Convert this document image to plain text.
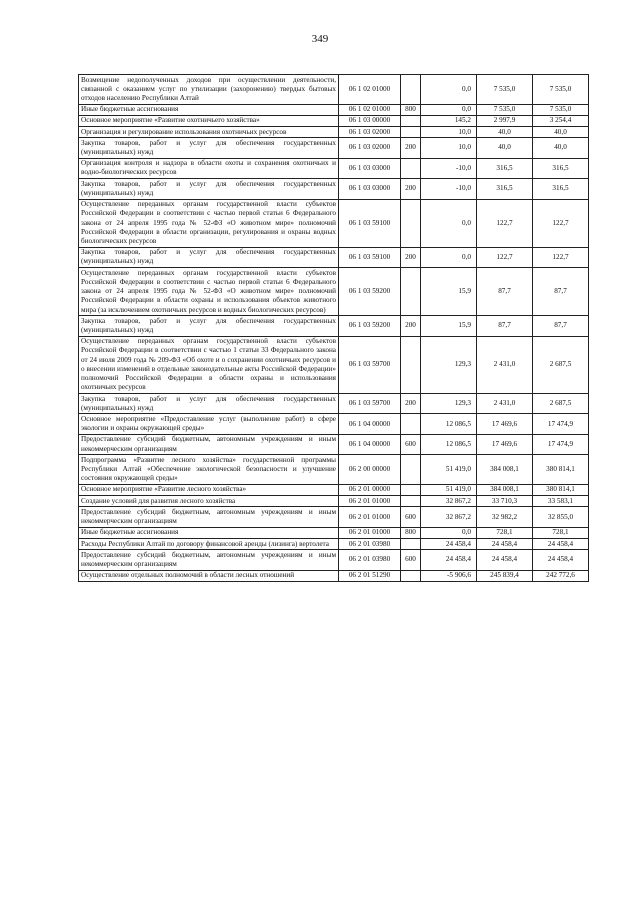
349
Возмещение недополученных доходов при осуществлении деятельности, связанной с оказанием услуг по утилизации (захоронению) твердых бытовых отходов населению Республики Алтай	06 1 02 01000		0,0	7 535,0	7 535,0
Иные бюджетные ассигнования	06 1 02 01000	800	0,0	7 535,0	7 535,0
Основное мероприятие «Развитие охотничьего хозяйства»	06 1 03 00000		145,2	2 997,9	3 254,4
Организация и регулирование использования охотничьих ресурсов	06 1 03 02000		10,0	40,0	40,0
Закупка товаров, работ и услуг для обеспечения государственных (муниципальных) нужд	06 1 03 02000	200	10,0	40,0	40,0
Организация контроля и надзора в области охоты и сохранения охотничьих и водно-биологических ресурсов	06 1 03 03000		-10,0	316,5	316,5
Закупка товаров, работ и услуг для обеспечения государственных (муниципальных) нужд	06 1 03 03000	200	-10,0	316,5	316,5
Осуществление переданных органам государственной власти субъектов Российской Федерации в соответствии с частью первой статьи 6 Федерального закона от 24 апреля 1995 года № 52-ФЗ «О животном мире» полномочий Российской Федерации в области организации, регулирования и охраны водных биологических ресурсов	06 1 03 59100		0,0	122,7	122,7
Закупка товаров, работ и услуг для обеспечения государственных (муниципальных) нужд	06 1 03 59100	200	0,0	122,7	122,7
Осуществление переданных органам государственной власти субъектов Российской Федерации в соответствии с частью первой статьи 6 Федерального закона от 24 апреля 1995 года № 52-ФЗ «О животном мире» полномочий Российской Федерации в области охраны и использования объектов животного мира (за исключением охотничьих ресурсов и водных биологических ресурсов)	06 1 03 59200		15,9	87,7	87,7
Закупка товаров, работ и услуг для обеспечения государственных (муниципальных) нужд	06 1 03 59200	200	15,9	87,7	87,7
Осуществление переданных органам государственной власти субъектов Российской Федерации в соответствии с частью 1 статьи 33 Федерального закона от 24 июля 2009 года № 209-ФЗ «Об охоте и о сохранении охотничьих ресурсов и о внесении изменений в отдельные законодательные акты Российской Федерации» полномочий Российской Федерации в области охраны и использования охотничьих ресурсов	06 1 03 59700		129,3	2 431,0	2 687,5
Закупка товаров, работ и услуг для обеспечения государственных (муниципальных) нужд	06 1 03 59700	200	129,3	2 431,0	2 687,5
Основное мероприятие «Предоставление услуг (выполнение работ) в сфере экологии и охраны окружающей среды»	06 1 04 00000		12 086,5	17 469,6	17 474,9
Предоставление субсидий бюджетным, автономным учреждениям и иным некоммерческим организациям	06 1 04 00000	600	12 086,5	17 469,6	17 474,9
Подпрограмма «Развитие лесного хозяйства» государственной программы Республики Алтай «Обеспечение экологической безопасности и улучшение состояния окружающей среды»	06 2 00 00000		51 419,0	384 008,1	380 814,1
Основное мероприятие «Развитие лесного хозяйства»	06 2 01 00000		51 419,0	384 008,1	380 814,1
Создание условий для развития лесного хозяйства	06 2 01 01000		32 867,2	33 710,3	33 583,1
Предоставление субсидий бюджетным, автономным учреждениям и иным некоммерческим организациям	06 2 01 01000	600	32 867,2	32 982,2	32 855,0
Иные бюджетные ассигнования	06 2 01 01000	800	0,0	728,1	728,1
Расходы Республики Алтай по договору финансовой аренды (лизинга) вертолета	06 2 01 03980		24 458,4	24 458,4	24 458,4
Предоставление субсидий бюджетным, автономным учреждениям и иным некоммерческим организациям	06 2 01 03980	600	24 458,4	24 458,4	24 458,4
Осуществление отдельных полномочий в области лесных отношений	06 2 01 51290		-5 906,6	245 839,4	242 772,6
